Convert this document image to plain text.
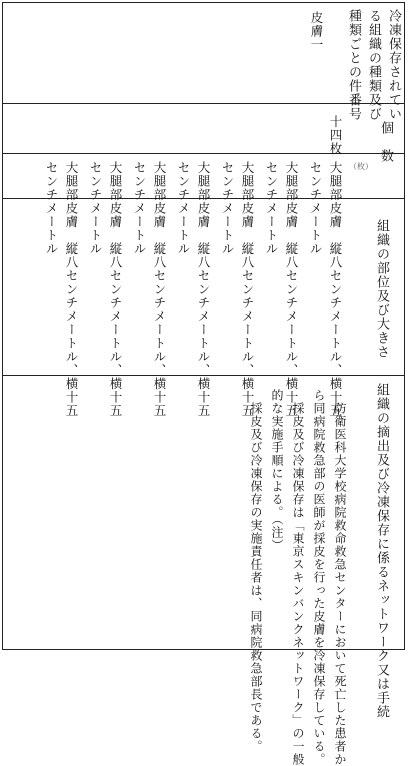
冷凍保存されてい
る組織の種類及び
種類ごとの件番号
皮膚一
個　数
十四枚
組織の部位及び大きさ
（枚）
大腿部皮膚　縦八センチメートル、横十五
センチメートル
大腿部皮膚　縦八センチメートル、横十五
センチメートル
大腿部皮膚　縦八センチメートル、横十五
センチメートル
大腿部皮膚　縦八センチメートル、横十五
センチメートル
大腿部皮膚　縦八センチメートル、横十五
センチメートル
大腿部皮膚　縦八センチメートル、横十五
センチメートル
大腿部皮膚　縦八センチメートル、横十五
センチメートル
組織の摘出及び冷凍保存に係るネットワーク又は手続
　防衛医科大学校病院救命救急センターにおいて死亡した患者か
ら同病院救急部の医師が採皮を行った皮膚を冷凍保存している。
　採皮及び冷凍保存は「東京スキンバンクネットワーク」の一般
的な実施手順による。（注）
　採皮及び冷凍保存の実施責任者は、同病院救急部長である。
